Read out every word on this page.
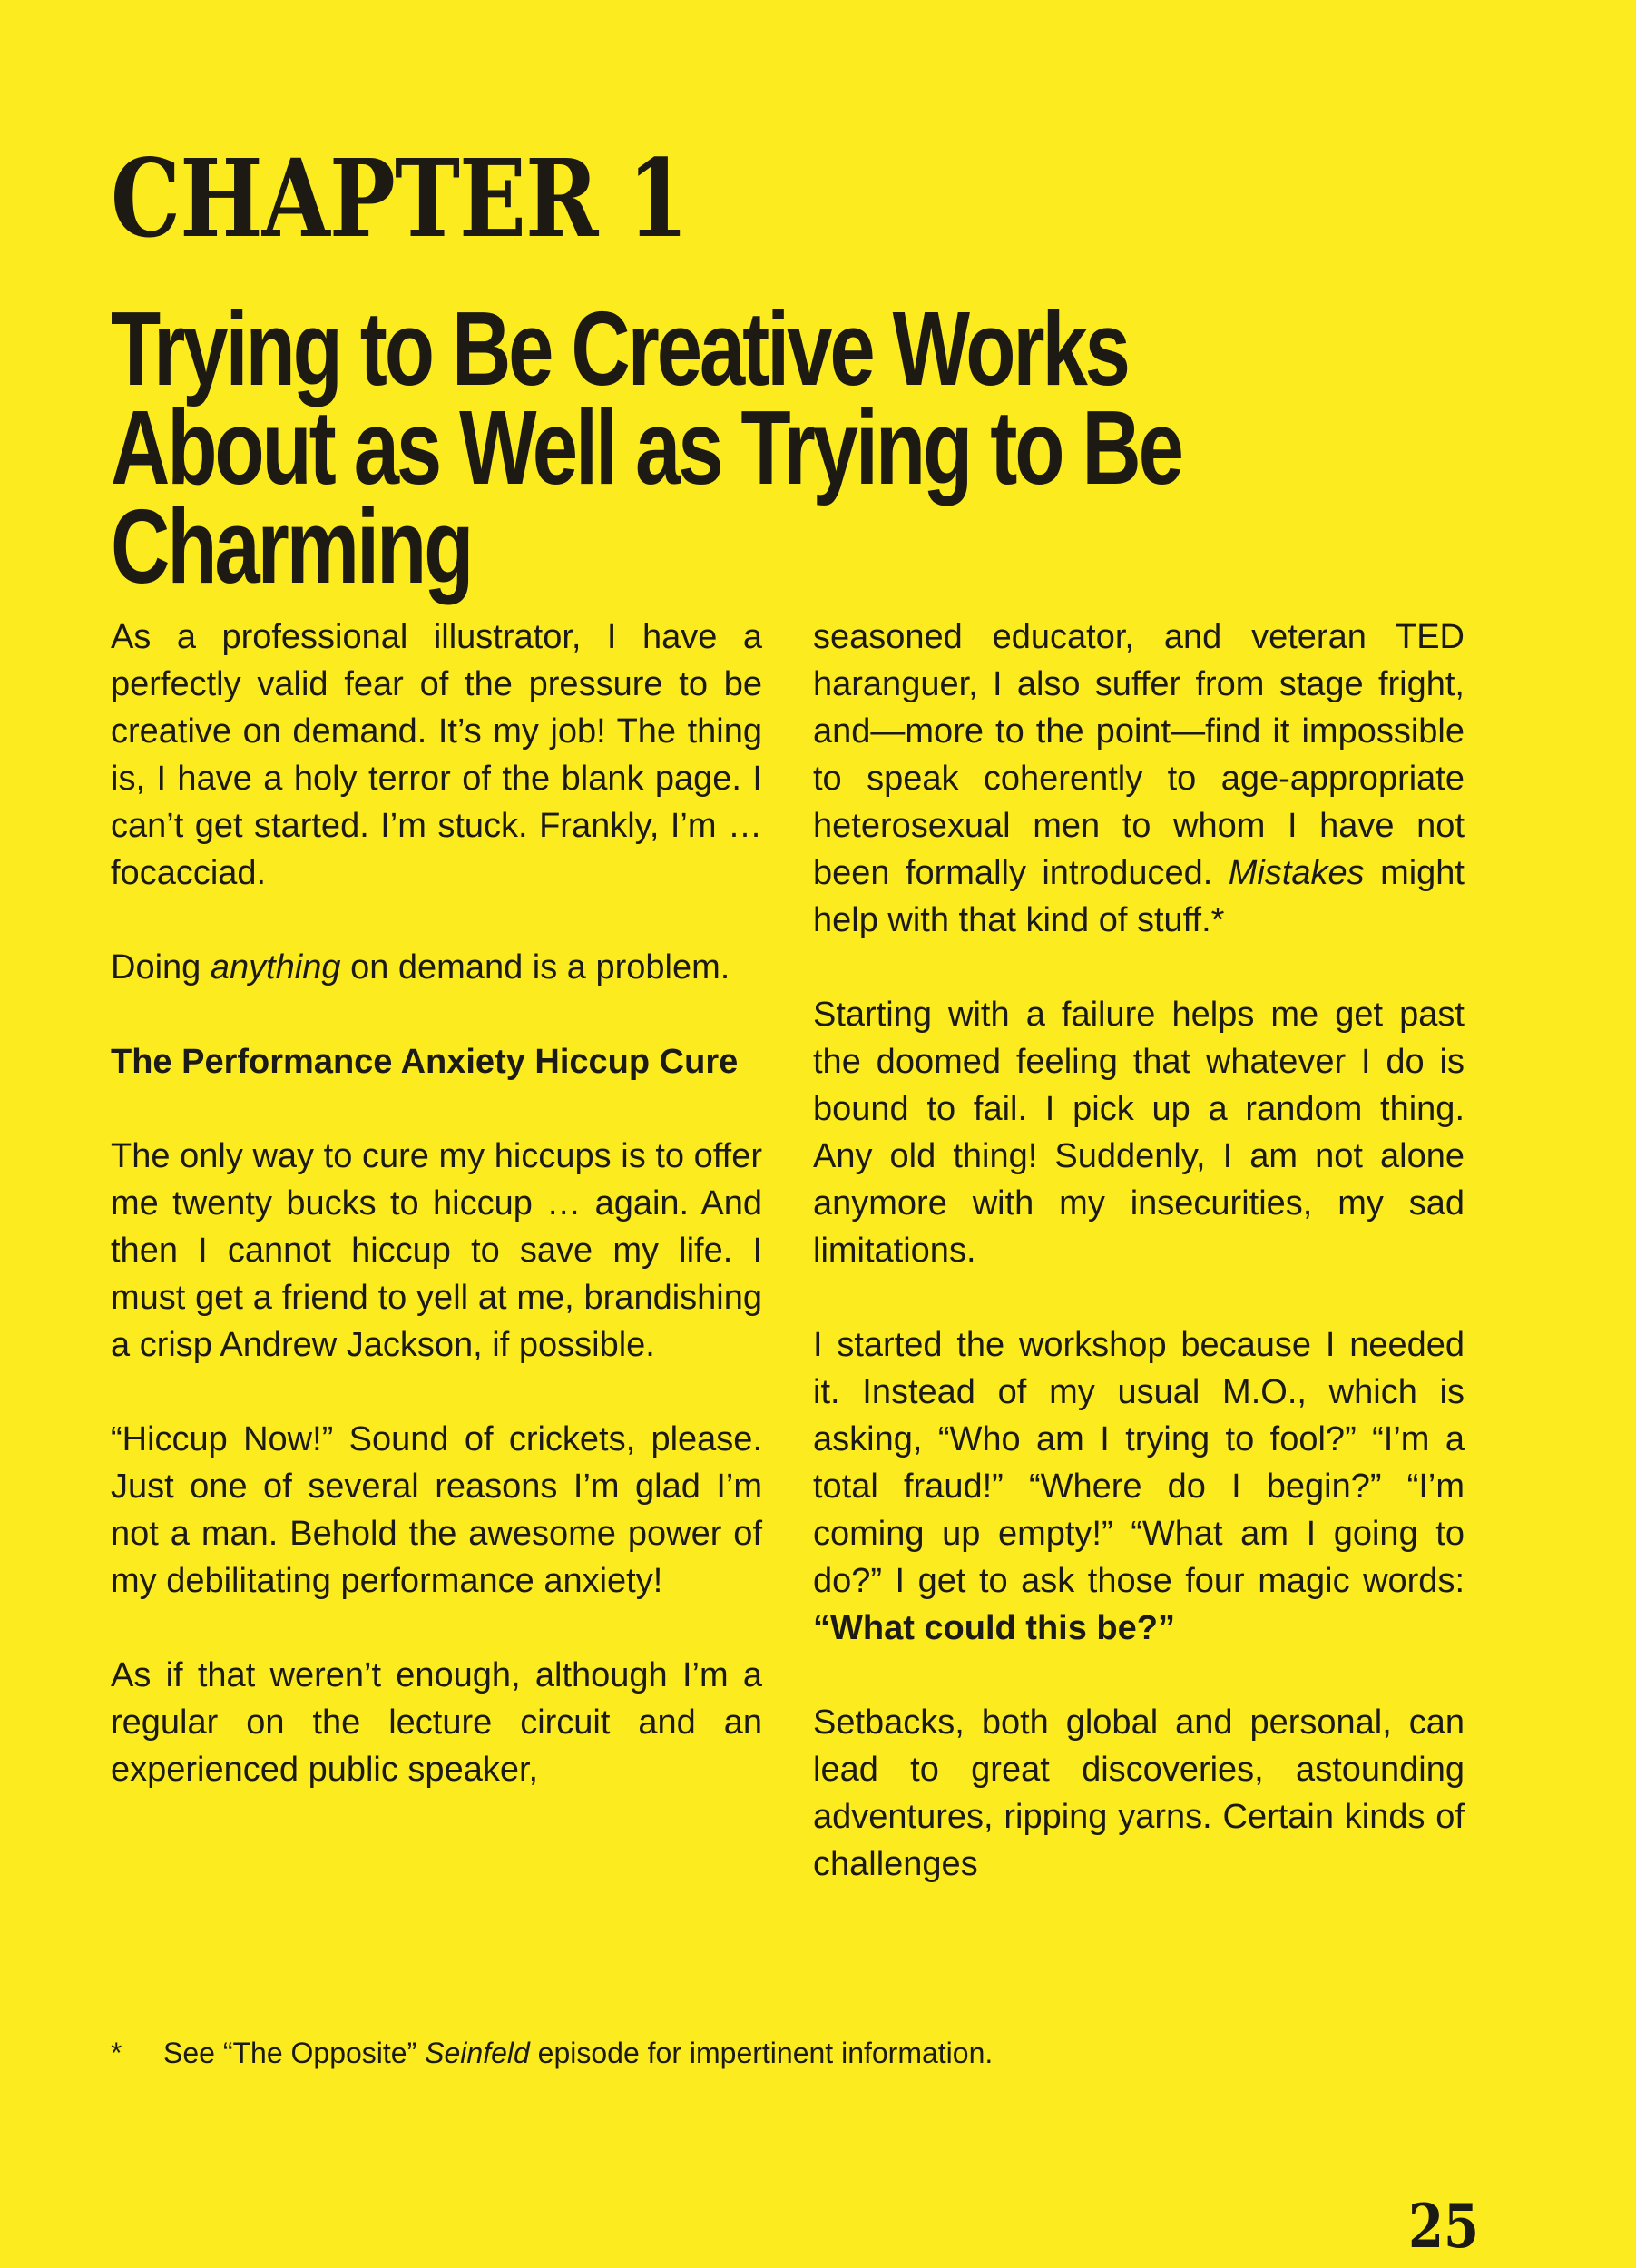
CHAPTER 1
Trying to Be Creative Works About as Well as Trying to Be Charming

As a professional illustrator, I have a perfectly valid fear of the pressure to be creative on demand. It’s my job! The thing is, I have a holy terror of the blank page. I can’t get started. I’m stuck. Frankly, I’m … focacciad.

Doing anything on demand is a problem.

The Performance Anxiety Hiccup Cure

The only way to cure my hiccups is to offer me twenty bucks to hiccup … again. And then I cannot hiccup to save my life. I must get a friend to yell at me, brandishing a crisp Andrew Jackson, if possible.

“Hiccup Now!” Sound of crickets, please. Just one of several reasons I’m glad I’m not a man. Behold the awesome power of my debilitating performance anxiety!

As if that weren’t enough, although I’m a regular on the lecture circuit and an experienced public speaker,

seasoned educator, and veteran TED haranguer, I also suffer from stage fright, and—more to the point—find it impossible to speak coherently to age-appropriate heterosexual men to whom I have not been formally introduced. Mistakes might help with that kind of stuff.*

Starting with a failure helps me get past the doomed feeling that whatever I do is bound to fail. I pick up a random thing. Any old thing! Suddenly, I am not alone anymore with my insecurities, my sad limitations.

I started the workshop because I needed it. Instead of my usual M.O., which is asking, “Who am I trying to fool?” “I’m a total fraud!” “Where do I begin?” “I’m coming up empty!” “What am I going to do?” I get to ask those four magic words: “What could this be?”

Setbacks, both global and personal, can lead to great discoveries, astounding adventures, ripping yarns. Certain kinds of challenges

* See “The Opposite” Seinfeld episode for impertinent information.
25
